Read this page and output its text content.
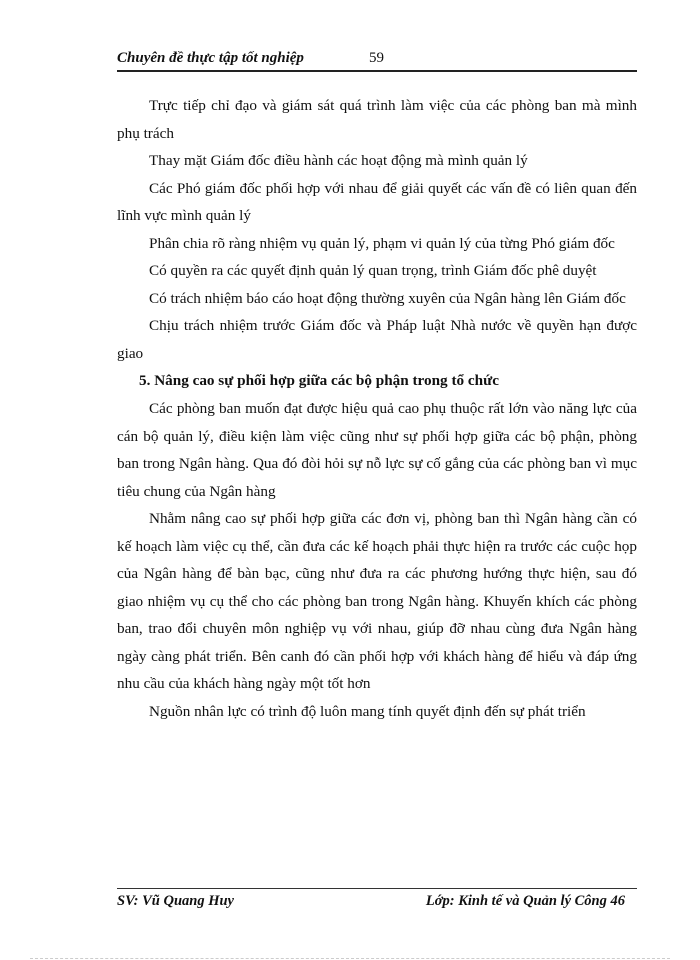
Chuyên đề thực tập tốt nghiệp	59

Trực tiếp chỉ đạo và giám sát quá trình làm việc của các phòng ban mà mình phụ trách

Thay mặt Giám đốc điều hành các hoạt động mà mình quản lý

Các Phó giám đốc phối hợp với nhau để giải quyết các vấn đề có liên quan đến lĩnh vực mình quản lý

Phân chia rõ ràng nhiệm vụ quản lý, phạm vi quản lý của từng Phó giám đốc

Có quyền ra các quyết định quản lý quan trọng, trình Giám đốc phê duyệt

Có trách nhiệm báo cáo hoạt động thường xuyên của Ngân hàng lên Giám đốc

Chịu trách nhiệm trước Giám đốc và Pháp luật Nhà nước về quyền hạn được giao

5. Nâng cao sự phối hợp giữa các bộ phận trong tổ chức

Các phòng ban muốn đạt được hiệu quả cao phụ thuộc rất lớn vào năng lực của cán bộ quản lý, điều kiện làm việc cũng như sự phối hợp giữa các bộ phận, phòng ban trong Ngân hàng. Qua đó đòi hỏi sự nỗ lực sự cố gắng của các phòng ban vì mục tiêu chung của Ngân hàng

Nhằm nâng cao sự phối hợp giữa các đơn vị, phòng ban thì Ngân hàng cần có kế hoạch làm việc cụ thể, cần đưa các kế hoạch phải thực hiện ra trước các cuộc họp của Ngân hàng để bàn bạc, cũng như đưa ra các phương hướng thực hiện, sau đó giao nhiệm vụ cụ thể cho các phòng ban trong Ngân hàng. Khuyến khích các phòng ban, trao đổi chuyên môn nghiệp vụ với nhau, giúp đỡ nhau cùng đưa Ngân hàng ngày càng phát triển. Bên canh đó cần phối hợp với khách hàng để hiểu và đáp ứng nhu cầu của khách hàng ngày một tốt hơn

Nguồn nhân lực có trình độ luôn mang tính quyết định đến sự phát triển

SV: Vũ Quang Huy	Lớp: Kinh tế và Quản lý Công 46
